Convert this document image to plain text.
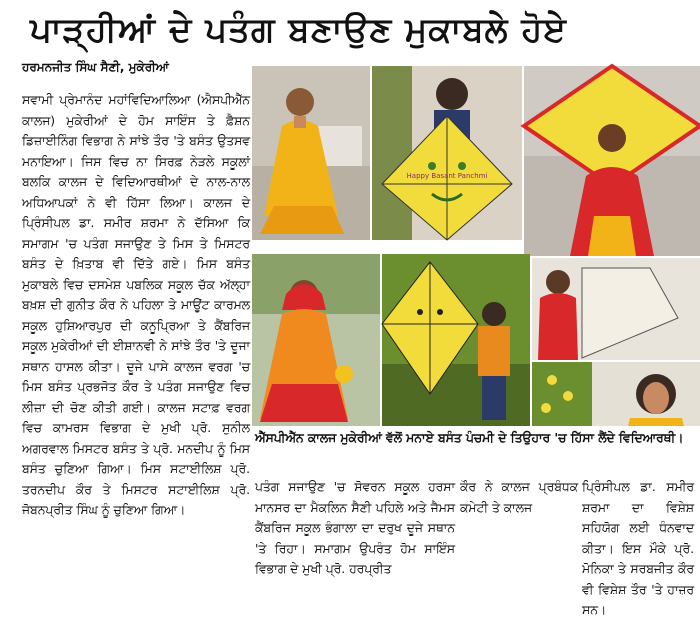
ਪਾੜ੍ਹੀਆਂ ਦੇ ਪਤੰਗ ਬਣਾਉਣ ਮੁਕਾਬਲੇ ਹੋਏ
ਹਰਮਨਜੀਤ ਸਿੰਘ ਸੈਣੀ, ਮੁਕੇਰੀਆਂ

ਸਵਾਮੀ ਪ੍ਰੇਮਾਨੰਦ ਮਹਾਂਵਿਦਿਆਲਿਆ (ਐਸਪੀਐੱਨ ਕਾਲਜ) ਮੁਕੇਰੀਆਂ ਦੇ ਹੋਮ ਸਾਇੰਸ ਤੇ ਫ਼ੈਸ਼ਨ ਡਿਜ਼ਾਈਨਿੰਗ ਵਿਭਾਗ ਨੇ ਸਾਂਝੇ ਤੌਰ 'ਤੇ ਬਸੰਤ ਉਤਸਵ ਮਨਾਇਆ। ਜਿਸ ਵਿਚ ਨਾ ਸਿਰਫ਼ ਨੇੜਲੇ ਸਕੂਲਾਂ ਬਲਕਿ ਕਾਲਜ ਦੇ ਵਿਦਿਆਰਥੀਆਂ ਦੇ ਨਾਲ-ਨਾਲ ਅਧਿਆਪਕਾਂ ਨੇ ਵੀ ਹਿੱਸਾ ਲਿਆ। ਕਾਲਜ ਦੇ ਪ੍ਰਿੰਸੀਪਲ ਡਾ. ਸਮੀਰ ਸ਼ਰਮਾ ਨੇ ਦੱਸਿਆ ਕਿ ਸਮਾਗਮ 'ਚ ਪਤੰਗ ਸਜਾਉਣ ਤੇ ਮਿਸ ਤੇ ਮਿਸਟਰ ਬਸੰਤ ਦੇ ਖ਼ਿਤਾਬ ਵੀ ਦਿੱਤੇ ਗਏ। ਮਿਸ ਬਸੰਤ ਮੁਕਾਬਲੇ ਵਿਚ ਦਸਮੇਸ਼ ਪਬਲਿਕ ਸਕੂਲ ਚੱਕ ਅੱਲ੍ਹਾ ਬਖ਼ਸ਼ ਦੀ ਗੁਨੀਤ ਕੌਰ ਨੇ ਪਹਿਲਾ ਤੇ ਮਾਊਂਟ ਕਾਰਮਲ ਸਕੂਲ ਹੁਸ਼ਿਆਰਪੁਰ ਦੀ ਕਨੂਪ੍ਰਿਆ ਤੇ ਕੈਂਬਰਿਜ ਸਕੂਲ ਮੁਕੇਰੀਆਂ ਦੀ ਈਸ਼ਾਨਵੀ ਨੇ ਸਾਂਝੇ ਤੌਰ 'ਤੇ ਦੂਜਾ ਸਥਾਨ ਹਾਸਲ ਕੀਤਾ। ਦੂਜੇ ਪਾਸੇ ਕਾਲਜ ਵਰਗ 'ਚ ਮਿਸ ਬਸੰਤ ਪ੍ਰਭਜੋਤ ਕੌਰ ਤੇ ਪਤੰਗ ਸਜਾਉਣ ਵਿਚ ਲੀਜ਼ਾ ਦੀ ਚੋਣ ਕੀਤੀ ਗਈ। ਕਾਲਜ ਸਟਾਫ਼ ਵਰਗ ਵਿਚ ਕਾਮਰਸ ਵਿਭਾਗ ਦੇ ਮੁਖੀ ਪ੍ਰੋ. ਸੁਨੀਲ ਅਗਰਵਾਲ ਮਿਸਟਰ ਬਸੰਤ ਤੇ ਪ੍ਰੋ. ਮਨਦੀਪ ਨੂੰ ਮਿਸ ਬਸੰਤ ਚੁਣਿਆ ਗਿਆ। ਮਿਸ ਸਟਾਈਲਿਸ਼ ਪ੍ਰੋ. ਤਰਨਦੀਪ ਕੌਰ ਤੇ ਮਿਸਟਰ ਸਟਾਈਲਿਸ਼ ਪ੍ਰੋ. ਜੋਬਨਪ੍ਰੀਤ ਸਿੰਘ ਨੂੰ ਚੁਣਿਆ ਗਿਆ।

Happy Basant Panchmi
ਐੱਸਪੀਐੱਨ ਕਾਲਜ ਮੁਕੇਰੀਆਂ ਵੱਲੋਂ ਮਨਾਏ ਬਸੰਤ ਪੰਚਮੀ ਦੇ ਤਿਉਹਾਰ 'ਚ ਹਿੱਸਾ ਲੈਂਦੇ ਵਿਦਿਆਰਥੀ।
ਪਤੰਗ ਸਜਾਉਣ 'ਚ ਸੋਵਰਨ ਸਕੂਲ ਹਰਸਾ ਮਾਨਸਰ ਦਾ ਮੈਕਲਿਨ ਸੈਣੀ ਪਹਿਲੇ ਅਤੇ ਜੈਮਸ ਕੈਂਬਰਿਜ ਸਕੂਲ ਭੰਗਾਲਾ ਦਾ ਦਰੁਖ ਦੂਜੇ ਸਥਾਨ 'ਤੇ ਰਿਹਾ। ਸਮਾਗਮ ਉਪਰੰਤ ਹੋਮ ਸਾਇੰਸ ਵਿਭਾਗ ਦੇ ਮੁਖੀ ਪ੍ਰੋ. ਹਰਪ੍ਰੀਤ
ਕੌਰ ਨੇ ਕਾਲਜ ਪ੍ਰਬੰਧਕ ਕਮੇਟੀ ਤੇ ਕਾਲਜ
ਪ੍ਰਿੰਸੀਪਲ ਡਾ. ਸਮੀਰ ਸ਼ਰਮਾ ਦਾ ਵਿਸ਼ੇਸ਼ ਸਹਿਯੋਗ ਲਈ ਧੰਨਵਾਦ ਕੀਤਾ। ਇਸ ਮੌਕੇ ਪ੍ਰੋ. ਮੋਨਿਕਾ ਤੇ ਸਰਬਜੀਤ ਕੌਰ ਵੀ ਵਿਸ਼ੇਸ਼ ਤੌਰ 'ਤੇ ਹਾਜ਼ਰ ਸਨ।
